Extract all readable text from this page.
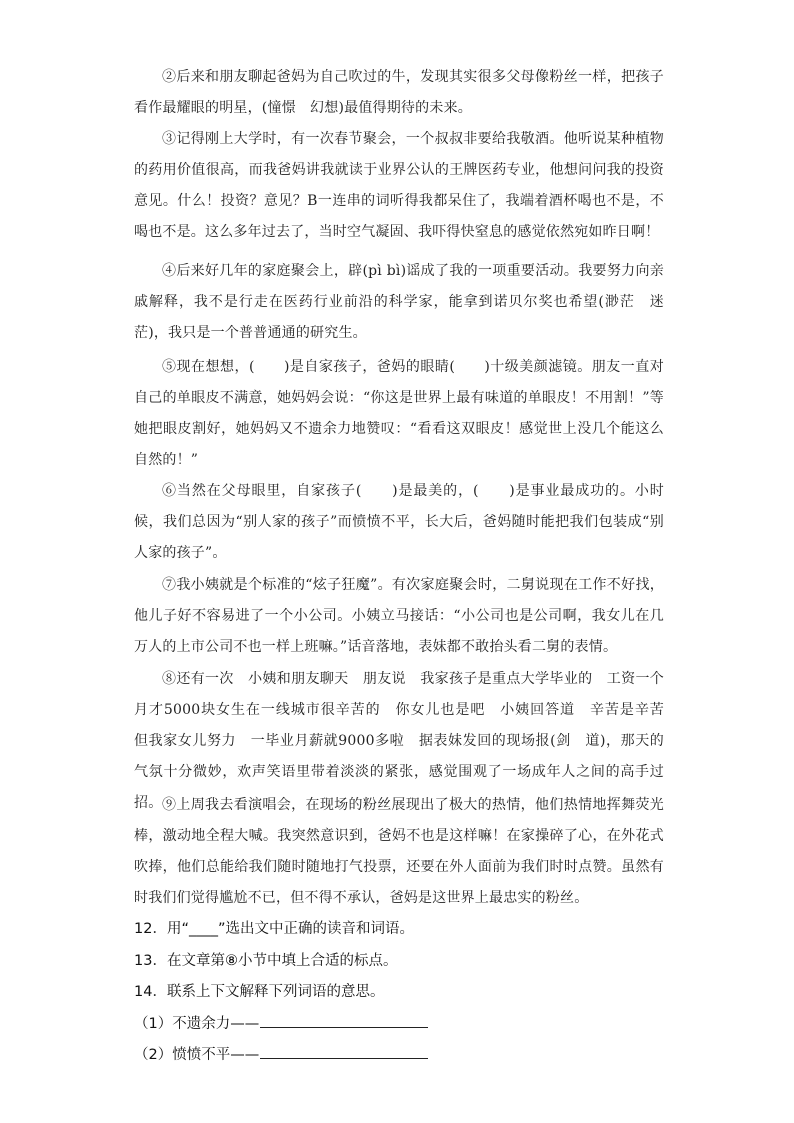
②后来和朋友聊起爸妈为自己吹过的牛，发现其实很多父母像粉丝一样，把孩子看作最耀眼的明星，(憧憬　幻想)最值得期待的未来。

③记得刚上大学时，有一次春节聚会，一个叔叔非要给我敬酒。他听说某种植物的药用价值很高，而我爸妈讲我就读于业界公认的王牌医药专业，他想问问我的投资意见。什么！投资？意见？B一连串的词听得我都呆住了，我端着酒杯喝也不是，不喝也不是。这么多年过去了，当时空气凝固、我吓得快窒息的感觉依然宛如昨日啊！

④后来好几年的家庭聚会上，辟(pì bì)谣成了我的一项重要活动。我要努力向亲戚解释，我不是行走在医药行业前沿的科学家，能拿到诺贝尔奖也希望(渺茫　迷茫)，我只是一个普普通通的研究生。

⑤现在想想，(　　)是自家孩子，爸妈的眼睛(　　)十级美颜滤镜。朋友一直对自己的单眼皮不满意，她妈妈会说：“你这是世界上最有味道的单眼皮！不用割！”等她把眼皮割好，她妈妈又不遗余力地赞叹：“看看这双眼皮！感觉世上没几个能这么自然的！”

⑥当然在父母眼里，自家孩子(　　)是最美的，(　　)是事业最成功的。小时候，我们总因为“别人家的孩子”而愤愤不平，长大后，爸妈随时能把我们包装成“别人家的孩子”。

⑦我小姨就是个标准的“炫子狂魔”。有次家庭聚会时，二舅说现在工作不好找，他儿子好不容易进了一个小公司。小姨立马接话：“小公司也是公司啊，我女儿在几万人的上市公司不也一样上班嘛。”话音落地，表妹都不敢抬头看二舅的表情。

⑧还有一次　小姨和朋友聊天　朋友说　我家孩子是重点大学毕业的　工资一个月才5000块女生在一线城市很辛苦的　你女儿也是吧　小姨回答道　辛苦是辛苦　但我家女儿努力　一毕业月薪就9000多啦　据表妹发回的现场报(剑　道)，那天的气氛十分微妙，欢声笑语里带着淡淡的紧张，感觉围观了一场成年人之间的高手过招。 ⑨上周我去看演唱会，在现场的粉丝展现出了极大的热情，他们热情地挥舞荧光棒，激动地全程大喊。我突然意识到，爸妈不也是这样嘛！在家操碎了心，在外花式吹捧，他们总能给我们随时随地打气投票，还要在外人面前为我们时时点赞。虽然有时我们们觉得尴尬不已，但不得不承认，爸妈是这世界上最忠实的粉丝。

12．用“____”选出文中正确的读音和词语。

13．在文章第⑧小节中填上合适的标点。

14．联系上下文解释下列词语的意思。

（1）不遗余力——

（2）愤愤不平——
